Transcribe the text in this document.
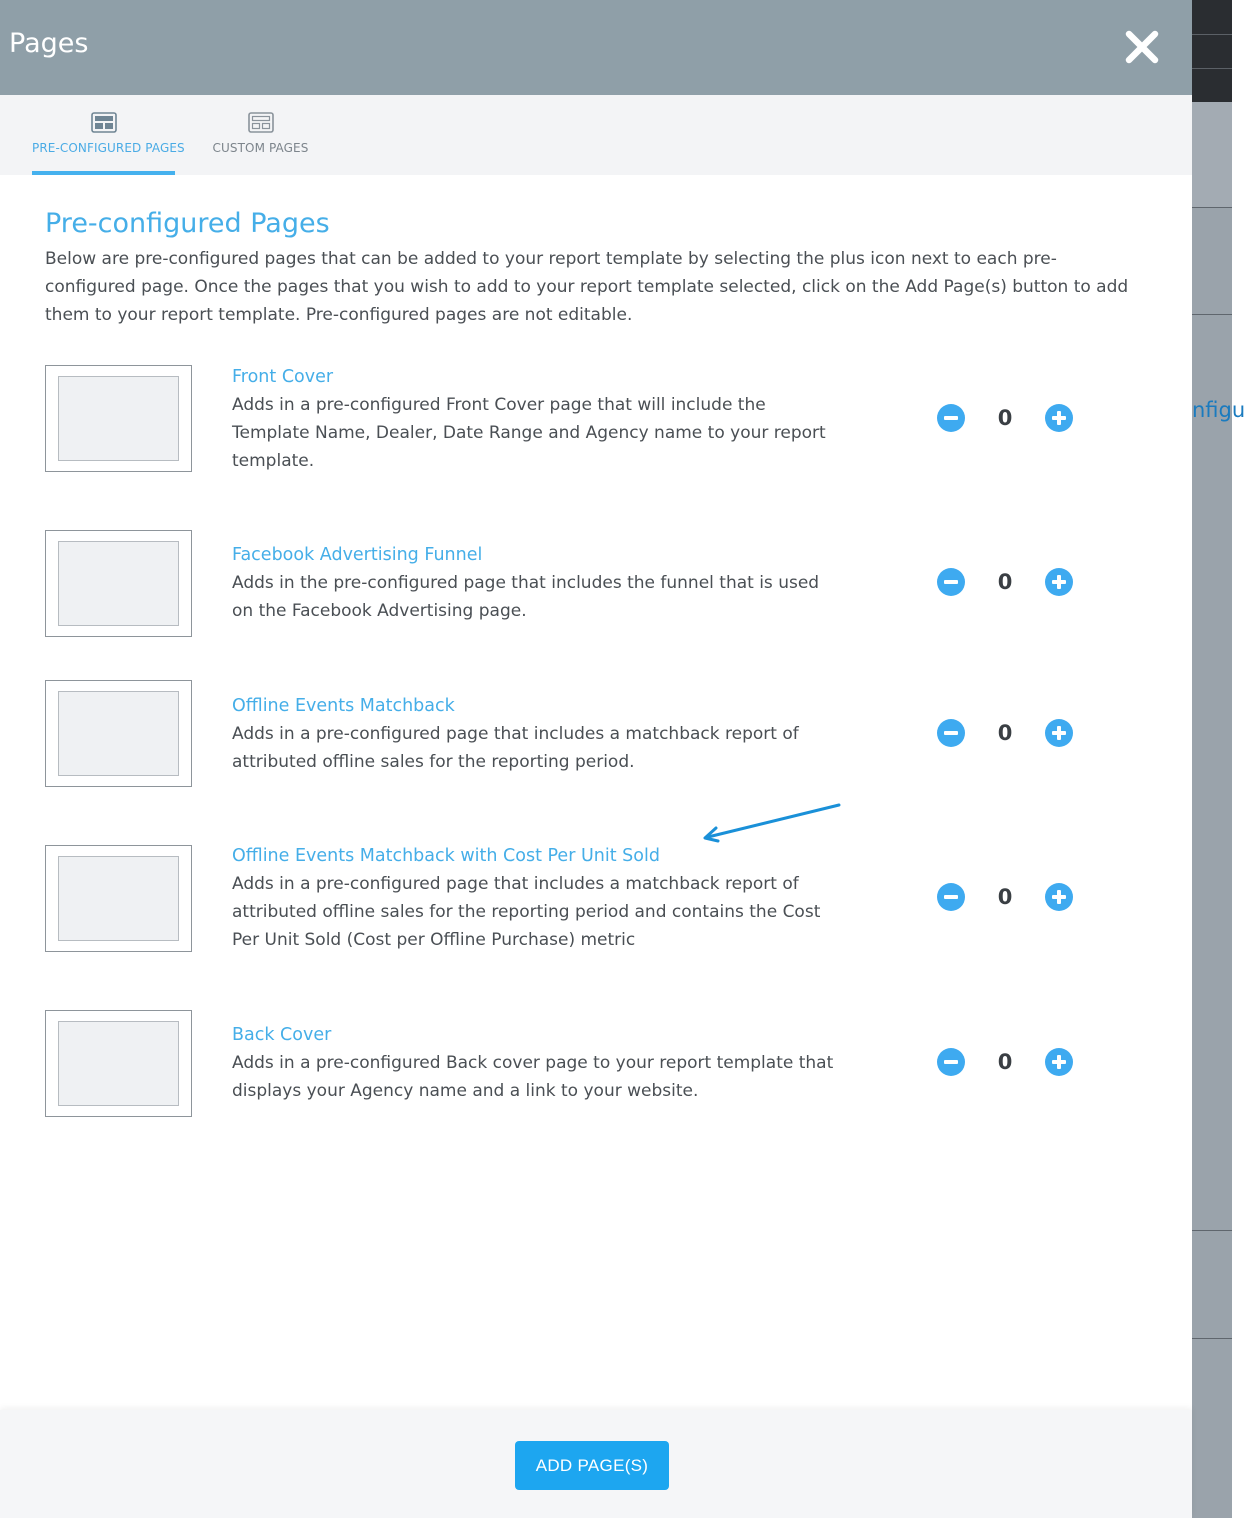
nfigu
Pages
PRE-CONFIGURED PAGES	CUSTOM PAGES
Pre-configured Pages

Below are pre-configured pages that can be added to your report template by selecting the plus icon next to each pre-configured page. Once the pages that you wish to add to your report template selected, click on the Add Page(s) button to add them to your report template. Pre-configured pages are not editable.

Front Cover
Adds in a pre-configured Front Cover page that will include the Template Name, Dealer, Date Range and Agency name to your report template.
0
Facebook Advertising Funnel
Adds in the pre-configured page that includes the funnel that is used on the Facebook Advertising page.
0
Offline Events Matchback
Adds in a pre-configured page that includes a matchback report of attributed offline sales for the reporting period.
0
Offline Events Matchback with Cost Per Unit Sold
Adds in a pre-configured page that includes a matchback report of attributed offline sales for the reporting period and contains the Cost Per Unit Sold (Cost per Offline Purchase) metric
0
Back Cover
Adds in a pre-configured Back cover page to your report template that displays your Agency name and a link to your website.
0
ADD PAGE(S)
